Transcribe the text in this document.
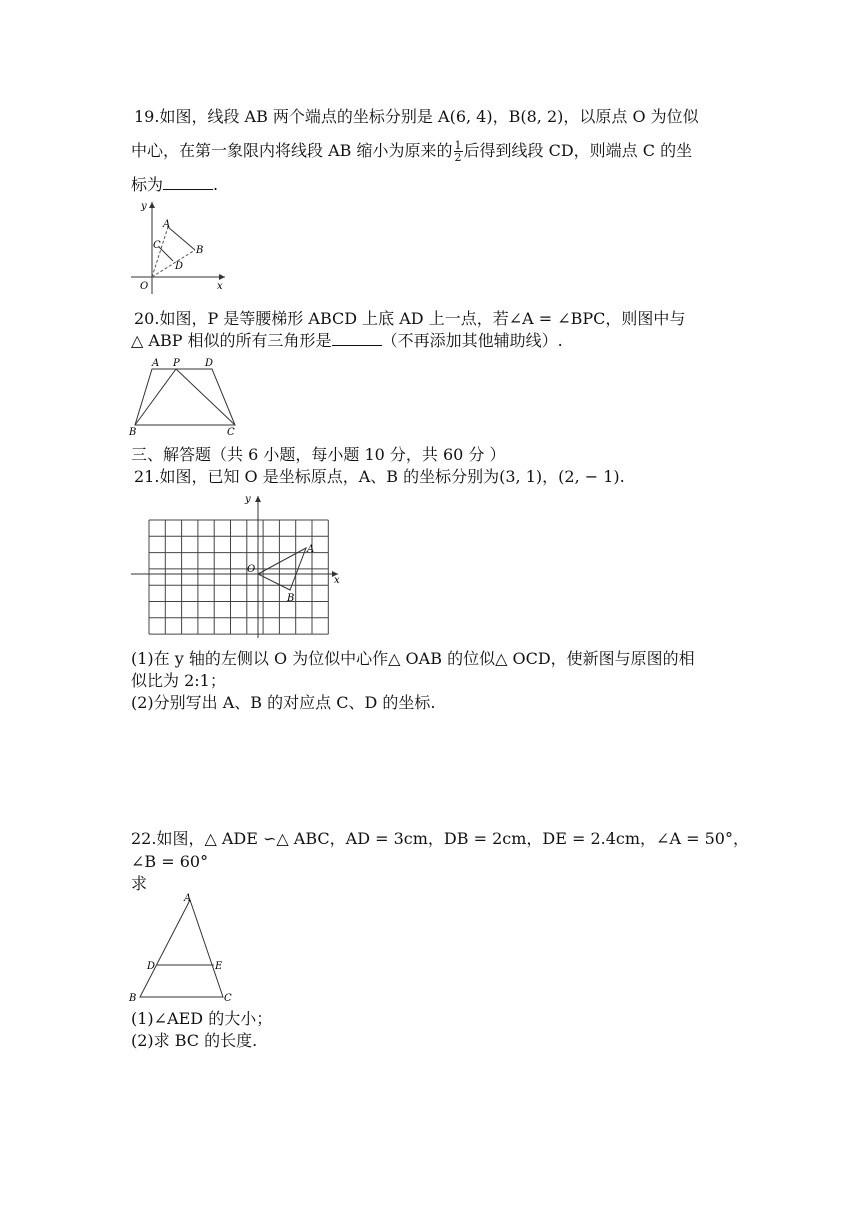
19.如图，线段 AB 两个端点的坐标分别是 A(6, 4)，B(8, 2)，以原点 O 为位似
中心，在第一象限内将线段 AB 缩小为原来的 $\frac{1}{2}$ 后得到线段 CD，则端点 C 的坐
标为	.
y
x
O
A
B
C
D
20.如图，P 是等腰梯形 ABCD 上底 AD 上一点，若∠A = ∠BPC，则图中与
△ ABP 相似的所有三角形是	（不再添加其他辅助线）.
A P	D
B	C
三、解答题（共 6 小题，每小题 10 分，共 60 分 ）
21.如图，已知 O 是坐标原点，A、B 的坐标分别为(3, 1)，(2, − 1).
y
x
O
A
B
(1)在 y 轴的左侧以 O 为位似中心作△ OAB 的位似△ OCD，使新图与原图的相
似比为 2:1；
(2)分别写出 A、B 的对应点 C、D 的坐标.
22.如图，△ ADE ∽△ ABC，AD = 3cm，DB = 2cm，DE = 2.4cm，∠A = 50°，
∠B = 60°
求
A
D	E
B	C
(1)∠AED 的大小；
(2)求 BC 的长度.
